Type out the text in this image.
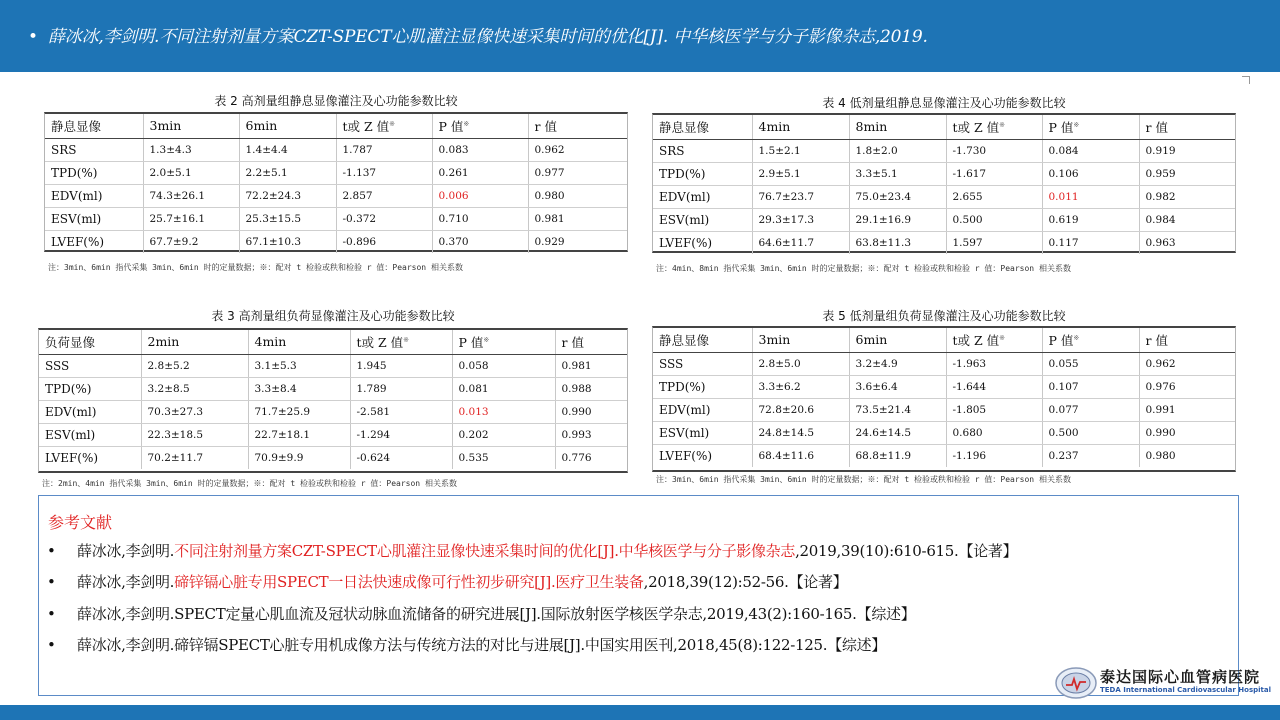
• 薛冰冰,李剑明.不同注射剂量方案CZT-SPECT心肌灌注显像快速采集时间的优化[J]. 中华核医学与分子影像杂志,2019.
表 2 高剂量组静息显像灌注及心功能参数比较
静息显像	3min	6min	t或 Z 值※	P 值※	r 值
SRS	1.3±4.3	1.4±4.4	1.787	0.083	0.962
TPD(%)	2.0±5.1	2.2±5.1	-1.137	0.261	0.977
EDV(ml)	74.3±26.1	72.2±24.3	2.857	0.006	0.980
ESV(ml)	25.7±16.1	25.3±15.5	-0.372	0.710	0.981
LVEF(%)	67.7±9.2	67.1±10.3	-0.896	0.370	0.929
注：3min、6min 指代采集 3min、6min 时的定量数据；※：配对 t 检验或秩和检验 r 值：Pearson 相关系数
表 4 低剂量组静息显像灌注及心功能参数比较
静息显像	4min	8min	t或 Z 值※	P 值※	r 值
SRS	1.5±2.1	1.8±2.0	-1.730	0.084	0.919
TPD(%)	2.9±5.1	3.3±5.1	-1.617	0.106	0.959
EDV(ml)	76.7±23.7	75.0±23.4	2.655	0.011	0.982
ESV(ml)	29.3±17.3	29.1±16.9	0.500	0.619	0.984
LVEF(%)	64.6±11.7	63.8±11.3	1.597	0.117	0.963
注：4min、8min 指代采集 3min、6min 时的定量数据；※：配对 t 检验或秩和检验 r 值：Pearson 相关系数
表 3 高剂量组负荷显像灌注及心功能参数比较
负荷显像	2min	4min	t或 Z 值※	P 值※	r 值
SSS	2.8±5.2	3.1±5.3	1.945	0.058	0.981
TPD(%)	3.2±8.5	3.3±8.4	1.789	0.081	0.988
EDV(ml)	70.3±27.3	71.7±25.9	-2.581	0.013	0.990
ESV(ml)	22.3±18.5	22.7±18.1	-1.294	0.202	0.993
LVEF(%)	70.2±11.7	70.9±9.9	-0.624	0.535	0.776
注：2min、4min 指代采集 3min、6min 时的定量数据；※：配对 t 检验或秩和检验 r 值：Pearson 相关系数
表 5 低剂量组负荷显像灌注及心功能参数比较
静息显像	3min	6min	t或 Z 值※	P 值※	r 值
SSS	2.8±5.0	3.2±4.9	-1.963	0.055	0.962
TPD(%)	3.3±6.2	3.6±6.4	-1.644	0.107	0.976
EDV(ml)	72.8±20.6	73.5±21.4	-1.805	0.077	0.991
ESV(ml)	24.8±14.5	24.6±14.5	0.680	0.500	0.990
LVEF(%)	68.4±11.6	68.8±11.9	-1.196	0.237	0.980
注：3min、6min 指代采集 3min、6min 时的定量数据；※：配对 t 检验或秩和检验 r 值：Pearson 相关系数
参考文献
• 薛冰冰,李剑明.不同注射剂量方案CZT-SPECT心肌灌注显像快速采集时间的优化[J].中华核医学与分子影像杂志,2019,39(10):610-615.【论著】
• 薛冰冰,李剑明.碲锌镉心脏专用SPECT一日法快速成像可行性初步研究[J].医疗卫生装备,2018,39(12):52-56.【论著】
• 薛冰冰,李剑明.SPECT定量心肌血流及冠状动脉血流储备的研究进展[J].国际放射医学核医学杂志,2019,43(2):160-165.【综述】
• 薛冰冰,李剑明.碲锌镉SPECT心脏专用机成像方法与传统方法的对比与进展[J].中国实用医刊,2018,45(8):122-125.【综述】
泰达国际心血管病医院
TEDA International Cardiovascular Hospital
